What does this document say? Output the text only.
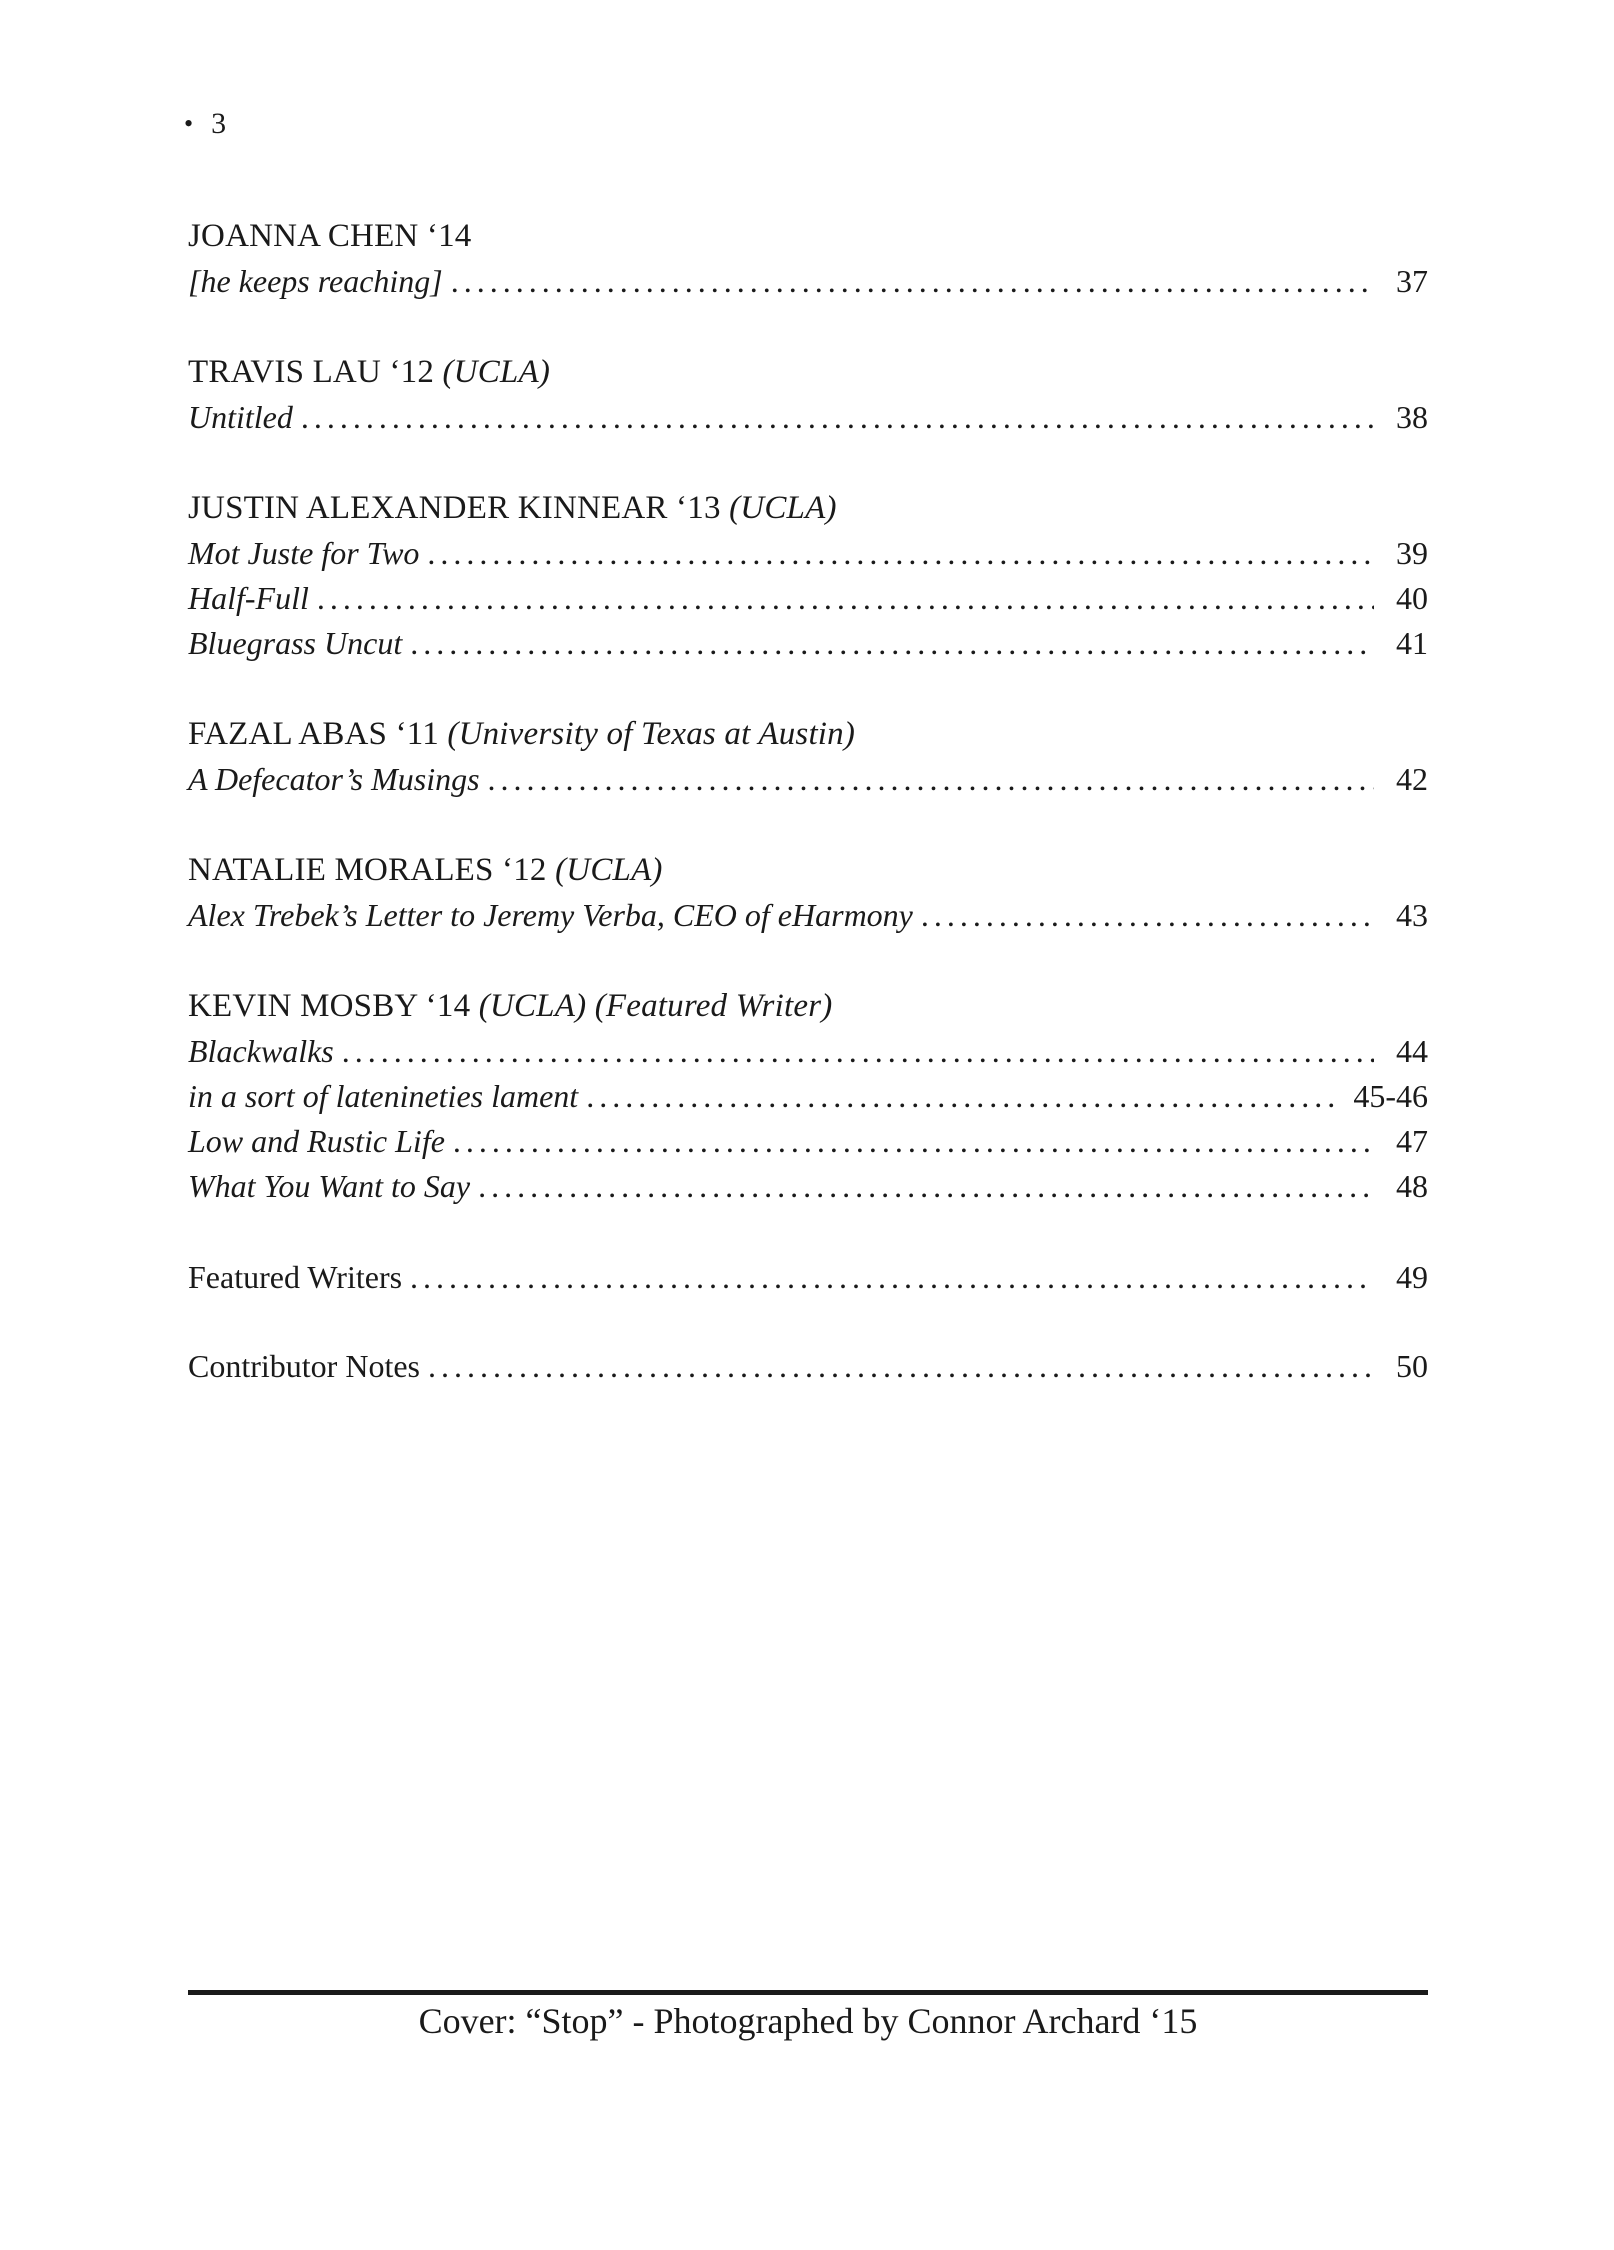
• 3
JOANNA CHEN ‘14
[he keeps reaching] .....	37
TRAVIS LAU ‘12 (UCLA)
Untitled .....	38
JUSTIN ALEXANDER KINNEAR ‘13 (UCLA)
Mot Juste for Two .....	39
Half-Full .....	40
Bluegrass Uncut .....	41
FAZAL ABAS ‘11 (University of Texas at Austin)
A Defecator’s Musings .....	42
NATALIE MORALES ‘12 (UCLA)
Alex Trebek’s Letter to Jeremy Verba, CEO of eHarmony .....	43
KEVIN MOSBY ‘14 (UCLA) (Featured Writer)
Blackwalks .....	44
in a sort of latenineties lament .....	45-46
Low and Rustic Life .....	47
What You Want to Say .....	48
Featured Writers .....	49
Contributor Notes .....	50
Cover: “Stop” - Photographed by Connor Archard ‘15
